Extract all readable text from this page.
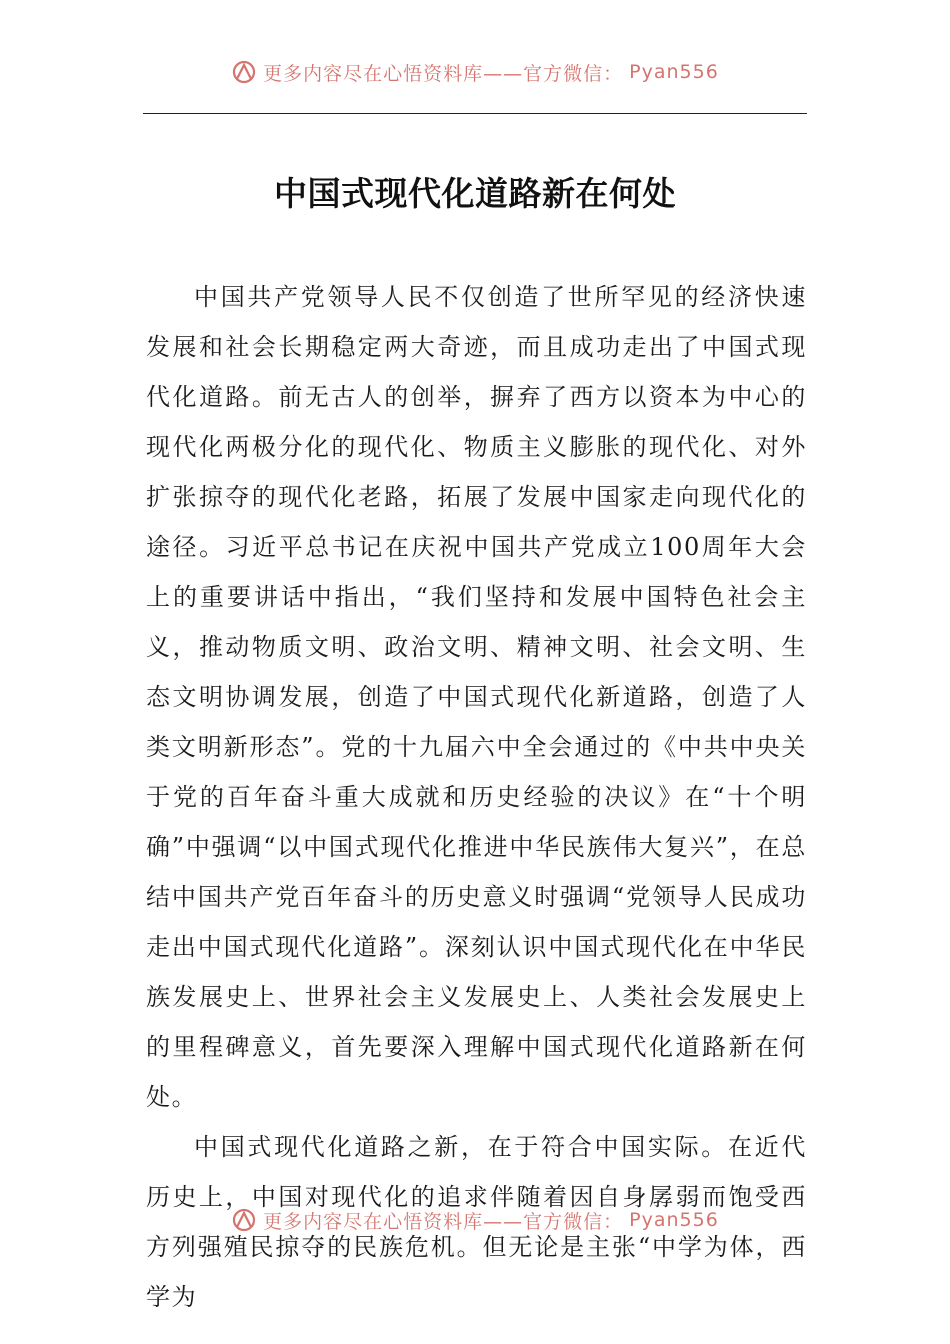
更多内容尽在心悟资料库——官方微信： Pyan556
中国式现代化道路新在何处

中国共产党领导人民不仅创造了世所罕见的经济快速发展和社会长期稳定两大奇迹，而且成功走出了中国式现代化道路。前无古人的创举，摒弃了西方以资本为中心的现代化两极分化的现代化、物质主义膨胀的现代化、对外扩张掠夺的现代化老路，拓展了发展中国家走向现代化的途径。习近平总书记在庆祝中国共产党成立100周年大会上的重要讲话中指出，“我们坚持和发展中国特色社会主义，推动物质文明、政治文明、精神文明、社会文明、生态文明协调发展，创造了中国式现代化新道路，创造了人类文明新形态”。党的十九届六中全会通过的《中共中央关于党的百年奋斗重大成就和历史经验的决议》在“十个明确”中强调“以中国式现代化推进中华民族伟大复兴”，在总结中国共产党百年奋斗的历史意义时强调“党领导人民成功走出中国式现代化道路”。深刻认识中国式现代化在中华民族发展史上、世界社会主义发展史上、人类社会发展史上的里程碑意义，首先要深入理解中国式现代化道路新在何处。

中国式现代化道路之新，在于符合中国实际。在近代历史上，中国对现代化的追求伴随着因自身孱弱而饱受西方列强殖民掠夺的民族危机。但无论是主张“中学为体，西学为

更多内容尽在心悟资料库——官方微信： Pyan556
